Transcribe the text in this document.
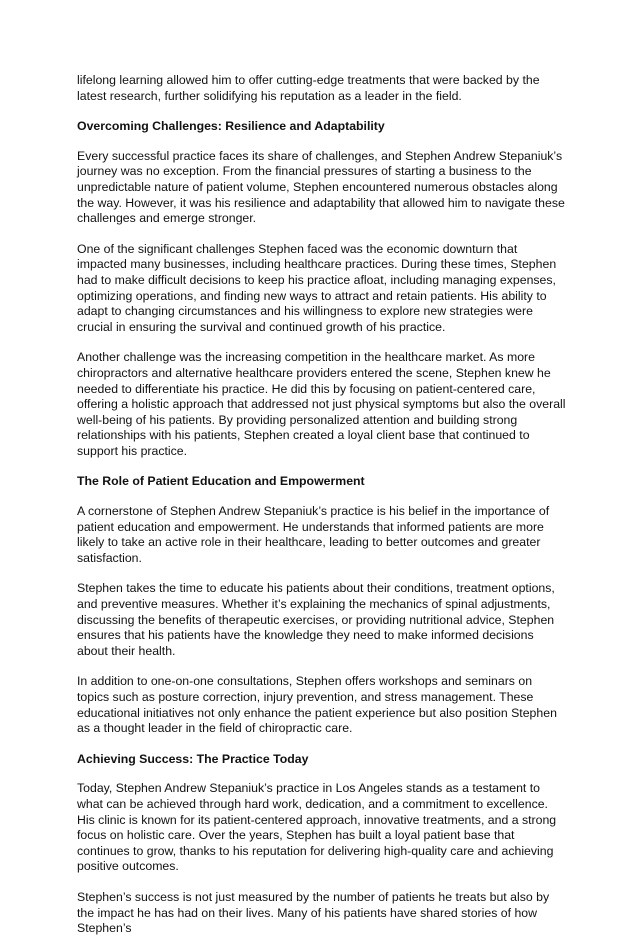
lifelong learning allowed him to offer cutting-edge treatments that were backed by the latest research, further solidifying his reputation as a leader in the field.

Overcoming Challenges: Resilience and Adaptability

Every successful practice faces its share of challenges, and Stephen Andrew Stepaniuk’s journey was no exception. From the financial pressures of starting a business to the unpredictable nature of patient volume, Stephen encountered numerous obstacles along the way. However, it was his resilience and adaptability that allowed him to navigate these challenges and emerge stronger.

One of the significant challenges Stephen faced was the economic downturn that impacted many businesses, including healthcare practices. During these times, Stephen had to make difficult decisions to keep his practice afloat, including managing expenses, optimizing operations, and finding new ways to attract and retain patients. His ability to adapt to changing circumstances and his willingness to explore new strategies were crucial in ensuring the survival and continued growth of his practice.

Another challenge was the increasing competition in the healthcare market. As more chiropractors and alternative healthcare providers entered the scene, Stephen knew he needed to differentiate his practice. He did this by focusing on patient-centered care, offering a holistic approach that addressed not just physical symptoms but also the overall well-being of his patients. By providing personalized attention and building strong relationships with his patients, Stephen created a loyal client base that continued to support his practice.

The Role of Patient Education and Empowerment

A cornerstone of Stephen Andrew Stepaniuk’s practice is his belief in the importance of patient education and empowerment. He understands that informed patients are more likely to take an active role in their healthcare, leading to better outcomes and greater satisfaction.

Stephen takes the time to educate his patients about their conditions, treatment options, and preventive measures. Whether it’s explaining the mechanics of spinal adjustments, discussing the benefits of therapeutic exercises, or providing nutritional advice, Stephen ensures that his patients have the knowledge they need to make informed decisions about their health.

In addition to one-on-one consultations, Stephen offers workshops and seminars on topics such as posture correction, injury prevention, and stress management. These educational initiatives not only enhance the patient experience but also position Stephen as a thought leader in the field of chiropractic care.

Achieving Success: The Practice Today

Today, Stephen Andrew Stepaniuk’s practice in Los Angeles stands as a testament to what can be achieved through hard work, dedication, and a commitment to excellence. His clinic is known for its patient-centered approach, innovative treatments, and a strong focus on holistic care. Over the years, Stephen has built a loyal patient base that continues to grow, thanks to his reputation for delivering high-quality care and achieving positive outcomes.

Stephen’s success is not just measured by the number of patients he treats but also by the impact he has had on their lives. Many of his patients have shared stories of how Stephen’s
